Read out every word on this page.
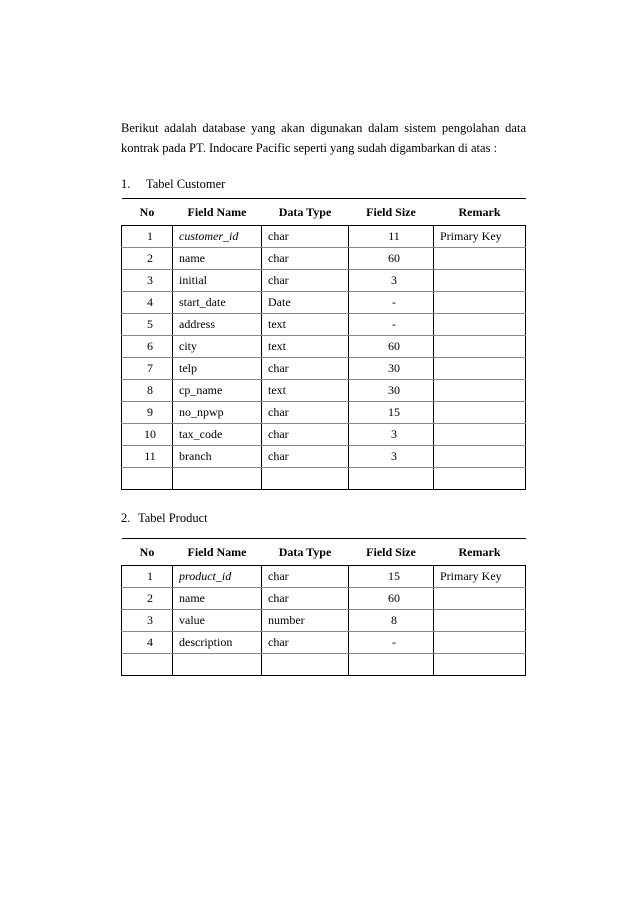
Berikut adalah database yang akan digunakan dalam sistem pengolahan data
kontrak pada PT. Indocare Pacific seperti yang sudah digambarkan di atas :
1. Tabel Customer
No	Field Name	Data Type	Field Size	Remark
1	customer_id	char	11	Primary Key
2	name	char	60	
3	initial	char	3	
4	start_date	Date	-	
5	address	text	-	
6	city	text	60	
7	telp	char	30	
8	cp_name	text	30	
9	no_npwp	char	15	
10	tax_code	char	3	
11	branch	char	3	

2. Tabel Product
No	Field Name	Data Type	Field Size	Remark
1	product_id	char	15	Primary Key
2	name	char	60	
3	value	number	8	
4	description	char	-	
